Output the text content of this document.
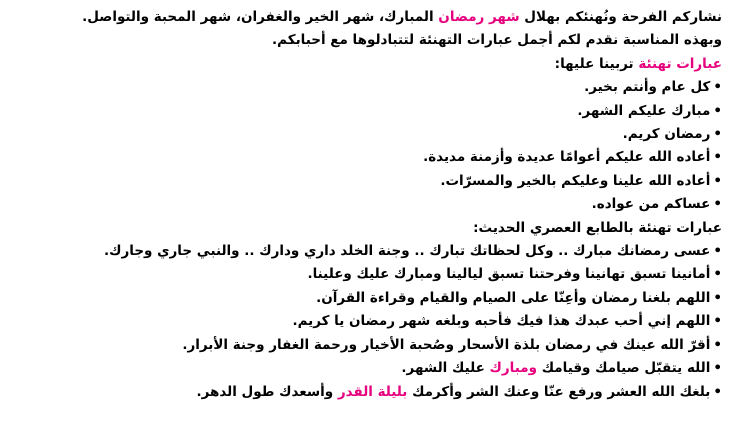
نشاركم الفرحة ونُهنئكم بهلال شهر رمضان المبارك، شهر الخير والغفران، شهر المحبة والتواصل.
وبهذه المناسبة نقدم لكم أجمل عبارات التهنئة لتتبادلوها مع أحبابكم.
عبارات تهنئة تربينا عليها:
•كل عام وأنتم بخير.
•مبارك عليكم الشهر.
•رمضان كريم.
•أعاده الله عليكم أعوامًا عديدة وأزمنة مديدة.
•أعاده الله علينا وعليكم بالخير والمسرّات.
•عساكم من عواده.
عبارات تهنئة بالطابع العصري الحديث:
•عسى رمضانك مبارك .. وكل لحظاتك تبارك .. وجنة الخلد داري ودارك .. والنبي جاري وجارك.
•أمانينا تسبق تهانينا وفرحتنا تسبق ليالينا ومبارك عليك وعلينا.
•اللهم بلغنا رمضان وأعِنّا على الصيام والقيام وقراءة القرآن.
•اللهم إني أحب عبدك هذا فيك فأحبه وبلغه شهر رمضان يا كريم.
•أقرّ الله عينك في رمضان بلذة الأسحار وصُحبة الأخيار ورحمة الغفار وجنة الأبرار.
•الله يتقبّل صيامك وقيامك ومبارك عليك الشهر.
•بلغك الله العشر ورفع عنّا وعنك الشر وأكرمك بليلة القدر وأسعدك طول الدهر.
